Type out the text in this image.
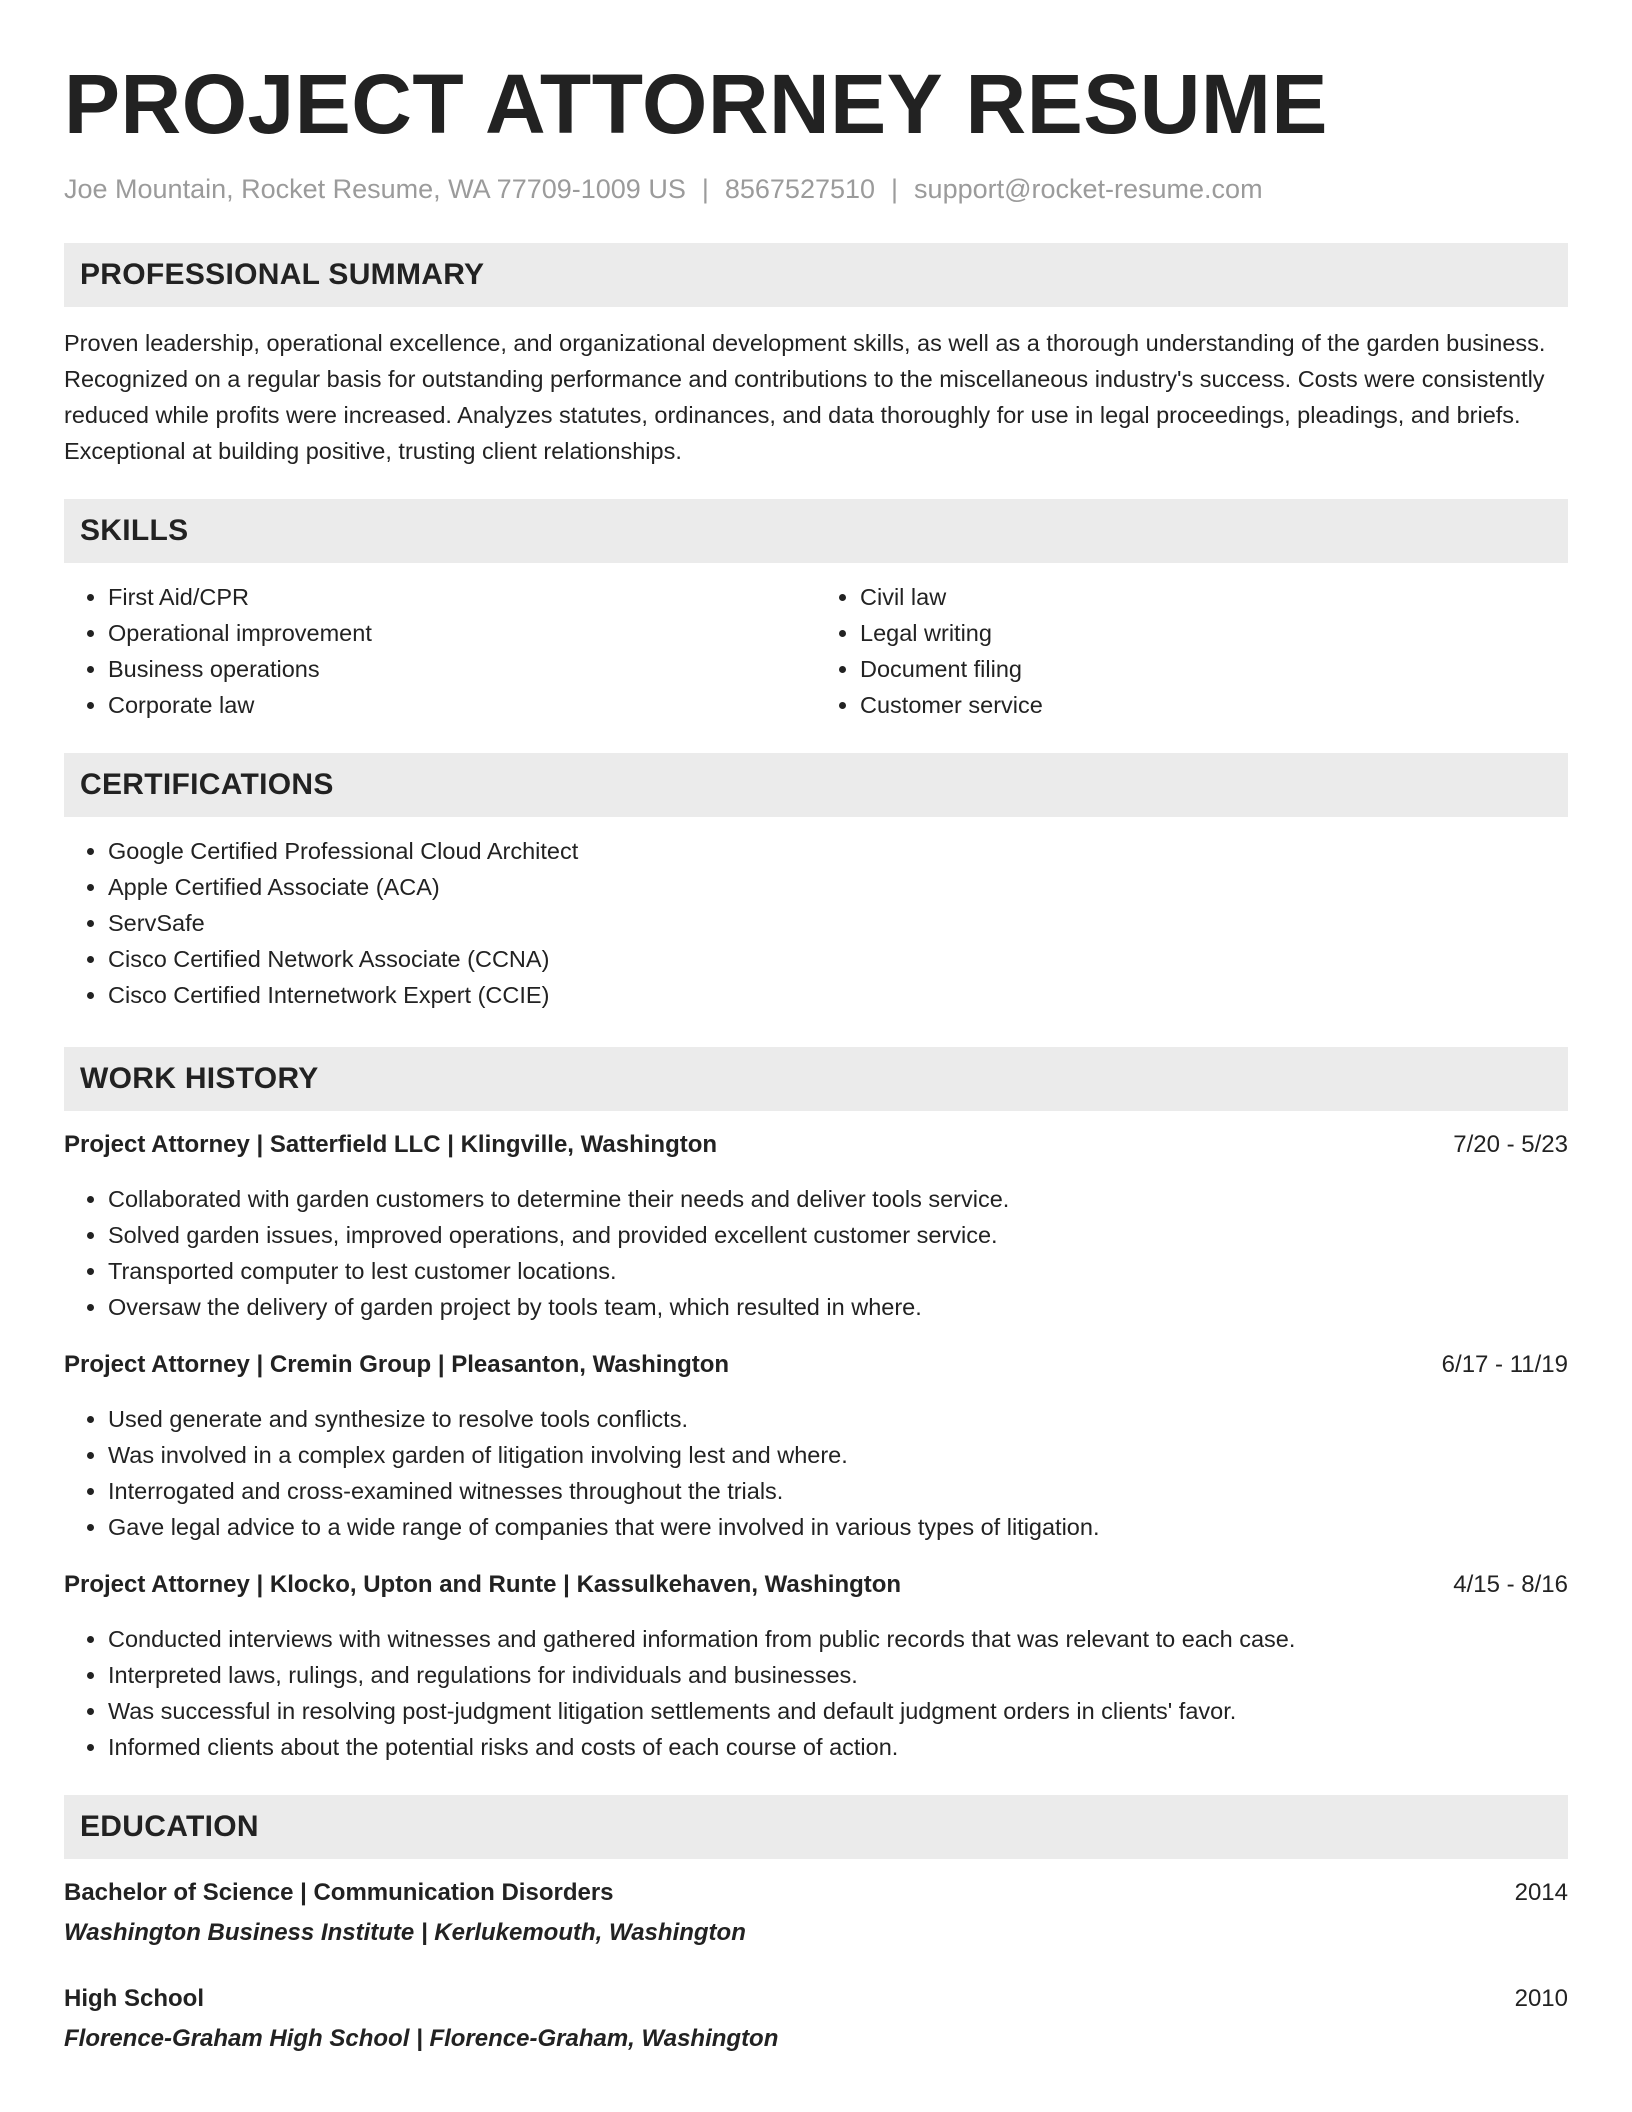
PROJECT ATTORNEY RESUME
Joe Mountain, Rocket Resume, WA 77709-1009 US | 8567527510 | support@rocket-resume.com
PROFESSIONAL SUMMARY

Proven leadership, operational excellence, and organizational development skills, as well as a thorough understanding of the garden business. Recognized on a regular basis for outstanding performance and contributions to the miscellaneous industry's success. Costs were consistently reduced while profits were increased. Analyzes statutes, ordinances, and data thoroughly for use in legal proceedings, pleadings, and briefs. Exceptional at building positive, trusting client relationships.

SKILLS
• First Aid/CPR
• Operational improvement
• Business operations
• Corporate law
• Civil law
• Legal writing
• Document filing
• Customer service
CERTIFICATIONS
• Google Certified Professional Cloud Architect
• Apple Certified Associate (ACA)
• ServSafe
• Cisco Certified Network Associate (CCNA)
• Cisco Certified Internetwork Expert (CCIE)
WORK HISTORY
Project Attorney | Satterfield LLC | Klingville, Washington	7/20 - 5/23
• Collaborated with garden customers to determine their needs and deliver tools service.
• Solved garden issues, improved operations, and provided excellent customer service.
• Transported computer to lest customer locations.
• Oversaw the delivery of garden project by tools team, which resulted in where.
Project Attorney | Cremin Group | Pleasanton, Washington	6/17 - 11/19
• Used generate and synthesize to resolve tools conflicts.
• Was involved in a complex garden of litigation involving lest and where.
• Interrogated and cross-examined witnesses throughout the trials.
• Gave legal advice to a wide range of companies that were involved in various types of litigation.
Project Attorney | Klocko, Upton and Runte | Kassulkehaven, Washington	4/15 - 8/16
• Conducted interviews with witnesses and gathered information from public records that was relevant to each case.
• Interpreted laws, rulings, and regulations for individuals and businesses.
• Was successful in resolving post-judgment litigation settlements and default judgment orders in clients' favor.
• Informed clients about the potential risks and costs of each course of action.
EDUCATION
Bachelor of Science | Communication Disorders	2014
Washington Business Institute | Kerlukemouth, Washington
High School	2010
Florence-Graham High School | Florence-Graham, Washington
